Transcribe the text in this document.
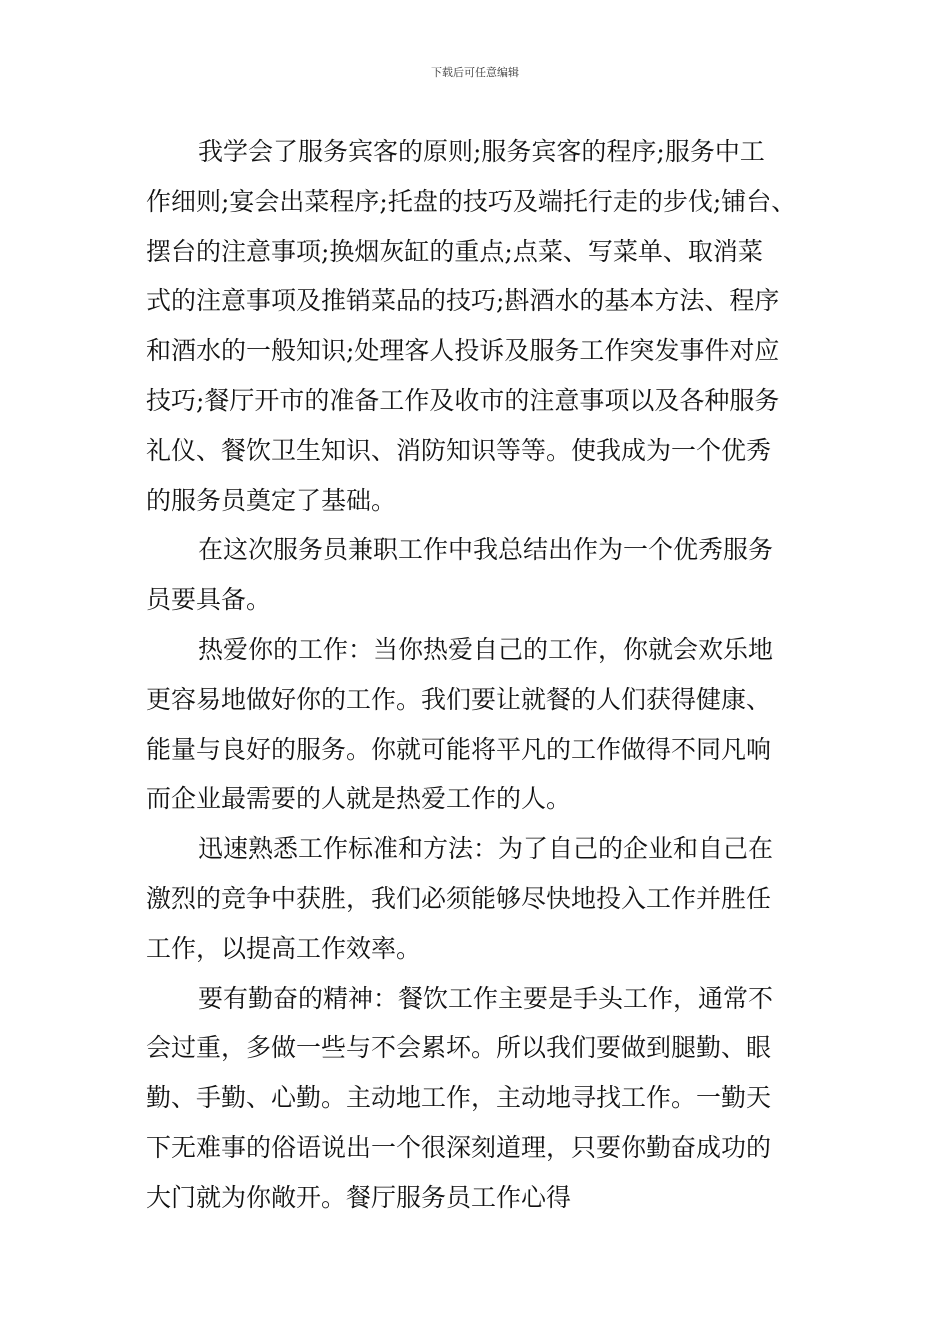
下载后可任意编辑
我学会了服务宾客的原则;服务宾客的程序;服务中工
作细则;宴会出菜程序;托盘的技巧及端托行走的步伐;铺台、
摆台的注意事项;换烟灰缸的重点;点菜、写菜单、取消菜
式的注意事项及推销菜品的技巧;斟酒水的基本方法、程序
和酒水的一般知识;处理客人投诉及服务工作突发事件对应
技巧;餐厅开市的准备工作及收市的注意事项以及各种服务
礼仪、餐饮卫生知识、消防知识等等。使我成为一个优秀
的服务员奠定了基础。
在这次服务员兼职工作中我总结出作为一个优秀服务
员要具备。
热爱你的工作：当你热爱自己的工作，你就会欢乐地
更容易地做好你的工作。我们要让就餐的人们获得健康、
能量与良好的服务。你就可能将平凡的工作做得不同凡响
而企业最需要的人就是热爱工作的人。
迅速熟悉工作标准和方法：为了自己的企业和自己在
激烈的竞争中获胜，我们必须能够尽快地投入工作并胜任
工作，以提高工作效率。
要有勤奋的精神：餐饮工作主要是手头工作，通常不
会过重，多做一些与不会累坏。所以我们要做到腿勤、眼
勤、手勤、心勤。主动地工作，主动地寻找工作。一勤天
下无难事的俗语说出一个很深刻道理，只要你勤奋成功的
大门就为你敞开。餐厅服务员工作心得
